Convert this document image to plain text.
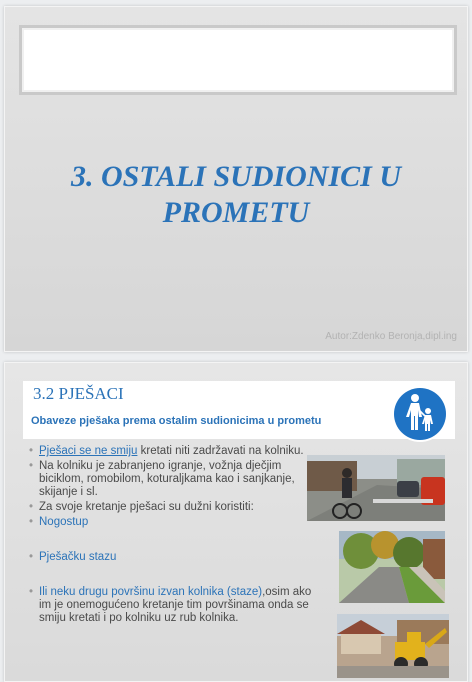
3. OSTALI SUDIONICI U
PROMETU
Autor:Zdenko Beronja,dipl.ing
3.2 PJEŠACI
Obaveze pješaka prema ostalim sudionicima u prometu
• Pješaci se ne smiju kretati niti zadržavati na kolniku.
• Na kolniku je zabranjeno igranje, vožnja dječjim biciklom, romobilom, koturaljkama kao i sanjkanje, skijanje i sl.
• Za svoje kretanje pješaci su dužni koristiti:
• Nogostup
• Pješačku stazu
• Ili neku drugu površinu izvan kolnika (staze),osim ako im je onemogućeno kretanje tim površinama onda se smiju kretati i po kolniku uz rub kolnika.
